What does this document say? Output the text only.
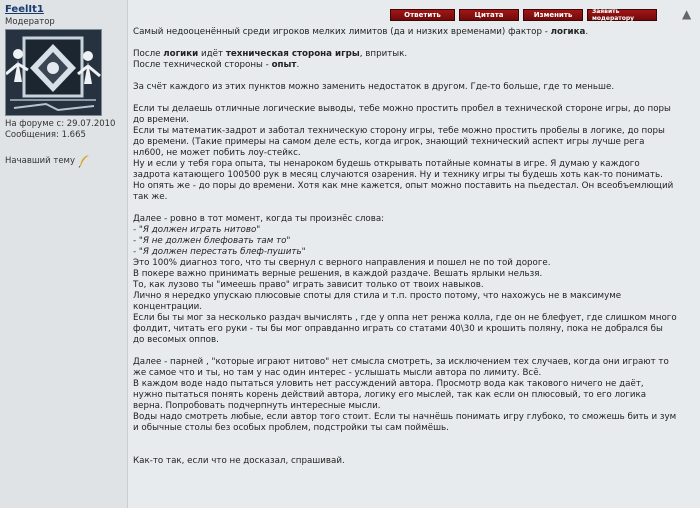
FeelIt1
Модератор
На форуме с: 29.07.2010
Сообщения: 1.665
Начавший тему
Ответить	Цитата	Изменить	Заявить модератору	▲

Самый недооценённый среди игроков мелких лимитов (да и низких временами) фактор - логика.

После логики идёт техническая сторона игры, впритык.

После технической стороны - опыт.

За счёт каждого из этих пунктов можно заменить недостаток в другом. Где-то больше, где то меньше.

Если ты делаешь отличные логические выводы, тебе можно простить пробел в технической стороне игры, до поры

до времени.

Если ты математик-задрот и заботал техническую сторону игры, тебе можно простить пробелы в логике, до поры

до времени. (Такие примеры на самом деле есть, когда игрок, знающий технический аспект игры лучше рега

нл600, не может побить лоу-стейкс.

Ну и если у тебя гора опыта, ты ненароком будешь открывать потайные комнаты в игре. Я думаю у каждого

задрота катающего 100500 рук в месяц случаются озарения. Ну и технику игры ты будешь хоть как-то понимать.

Но опять же - до поры до времени. Хотя как мне кажется, опыт можно поставить на пьедестал. Он всеобъемлющий

так же.

Далее - ровно в тот момент, когда ты произнёс слова:

- "Я должен играть нитово"

- "Я не должен блефовать там то"

- "Я должен перестать блеф-пушить"

Это 100% диагноз того, что ты свернул с верного направления и пошел не по той дороге.

В покере важно принимать верные решения, в каждой раздаче. Вешать ярлыки нельзя.

То, как лузово ты "имеешь право" играть зависит только от твоих навыков.

Лично я нередко упускаю плюсовые споты для стила и т.п. просто потому, что нахожусь не в максимуме

концентрации.

Если бы ты мог за несколько раздач вычислять , где у оппа нет ренжа колла, где он не блефует, где слишком много

фолдит, читать его руки - ты бы мог оправданно играть со статами 40\30 и крошить поляну, пока не добрался бы

до весомых оппов.

Далее - парней , "которые играют нитово" нет смысла смотреть, за исключением тех случаев, когда они играют то

же самое что и ты, но там у нас один интерес - услышать мысли автора по лимиту. Всё.

В каждом воде надо пытаться уловить нет рассуждений автора. Просмотр вода как такового ничего не даёт,

нужно пытаться понять корень действий автора, логику его мыслей, так как если он плюсовый, то его логика

верна. Попробовать подчерпнуть интересные мысли.

Воды надо смотреть любые, если автор того стоит. Если ты начнёшь понимать игру глубоко, то сможешь бить и зум

и обычные столы без особых проблем, подстройки ты сам поймёшь.

Как-то так, если что не досказал, спрашивай.
